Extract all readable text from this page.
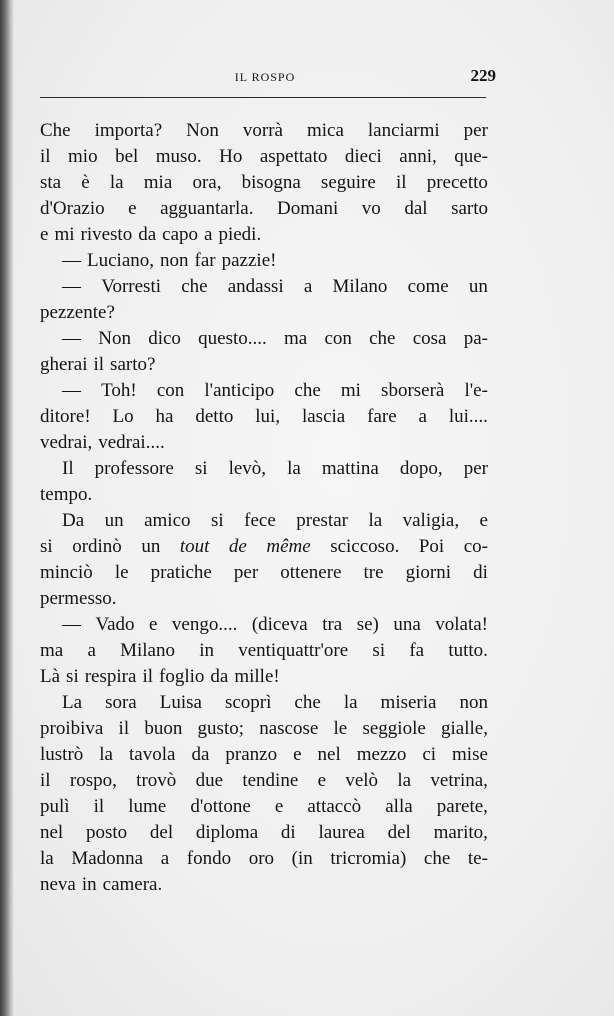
IL ROSPO	229
Che importa? Non vorrà mica lanciarmi per
il mio bel muso. Ho aspettato dieci anni, que-
sta è la mia ora, bisogna seguire il precetto
d'Orazio e agguantarla. Domani vo dal sarto
e mi rivesto da capo a piedi.
— Luciano, non far pazzie!
— Vorresti che andassi a Milano come un
pezzente?
— Non dico questo.... ma con che cosa pa-
gherai il sarto?
— Toh! con l'anticipo che mi sborserà l'e-
ditore! Lo ha detto lui, lascia fare a lui....
vedrai, vedrai....
Il professore si levò, la mattina dopo, per
tempo.
Da un amico si fece prestar la valigia, e
si ordinò un tout de même sciccoso. Poi co-
minciò le pratiche per ottenere tre giorni di
permesso.
— Vado e vengo.... (diceva tra se) una volata!
ma a Milano in ventiquattr'ore si fa tutto.
Là si respira il foglio da mille!
La sora Luisa scoprì che la miseria non
proibiva il buon gusto; nascose le seggiole gialle,
lustrò la tavola da pranzo e nel mezzo ci mise
il rospo, trovò due tendine e velò la vetrina,
pulì il lume d'ottone e attaccò alla parete,
nel posto del diploma di laurea del marito,
la Madonna a fondo oro (in tricromia) che te-
neva in camera.
